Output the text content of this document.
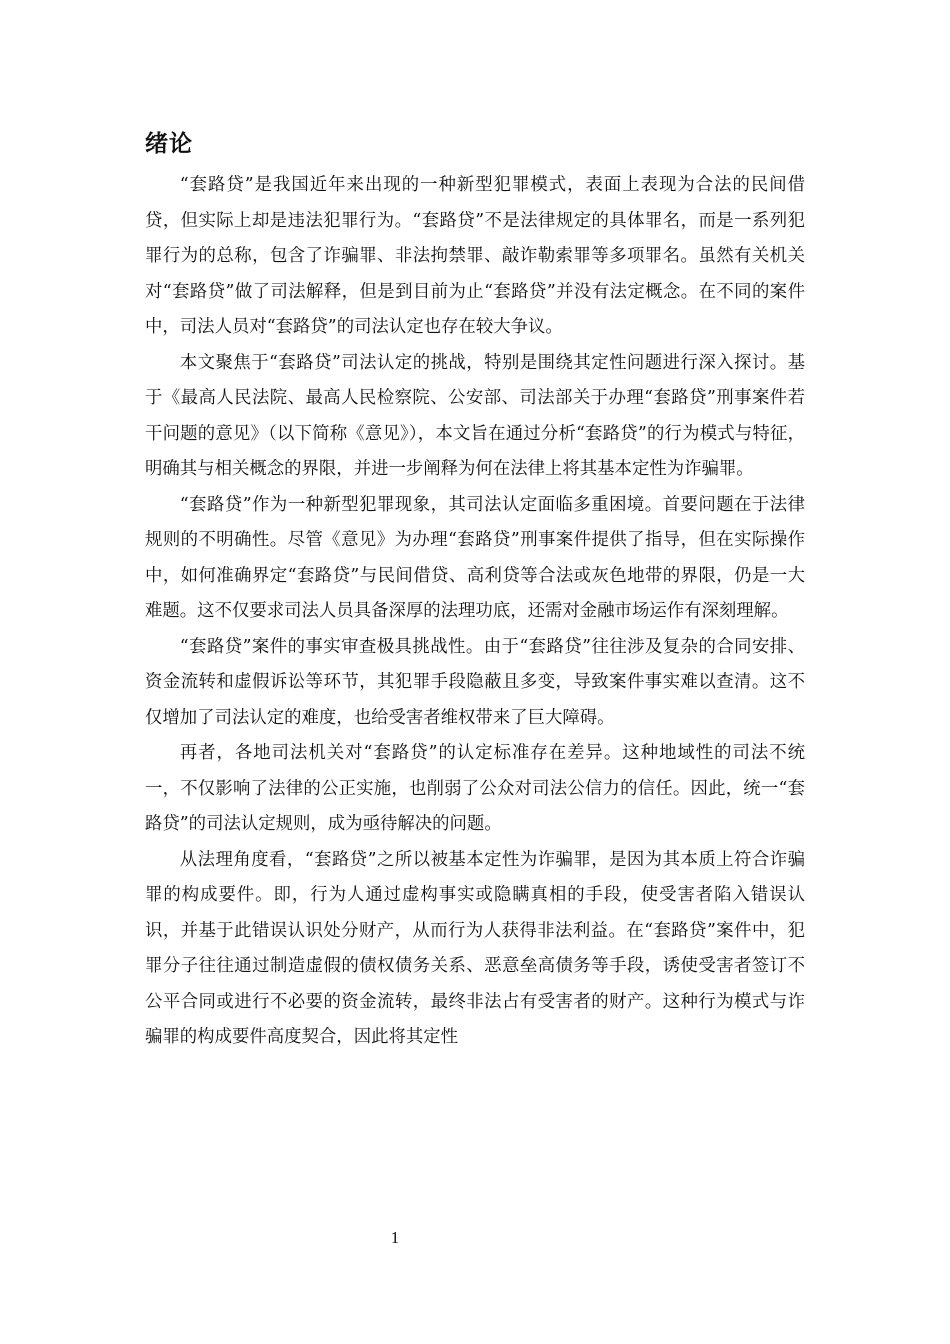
绪论

“套路贷”是我国近年来出现的一种新型犯罪模式，表面上表现为合法的民间借贷，但实际上却是违法犯罪行为。“套路贷”不是法律规定的具体罪名，而是一系列犯罪行为的总称，包含了诈骗罪、非法拘禁罪、敲诈勒索罪等多项罪名。虽然有关机关对“套路贷”做了司法解释，但是到目前为止“套路贷”并没有法定概念。在不同的案件中，司法人员对“套路贷”的司法认定也存在较大争议。

本文聚焦于“套路贷”司法认定的挑战，特别是围绕其定性问题进行深入探讨。基于《最高人民法院、最高人民检察院、公安部、司法部关于办理“套路贷”刑事案件若干问题的意见》（以下简称《意见》），本文旨在通过分析“套路贷”的行为模式与特征，明确其与相关概念的界限，并进一步阐释为何在法律上将其基本定性为诈骗罪。

“套路贷”作为一种新型犯罪现象，其司法认定面临多重困境。首要问题在于法律规则的不明确性。尽管《意见》为办理“套路贷”刑事案件提供了指导，但在实际操作中，如何准确界定“套路贷”与民间借贷、高利贷等合法或灰色地带的界限，仍是一大难题。这不仅要求司法人员具备深厚的法理功底，还需对金融市场运作有深刻理解。

“套路贷”案件的事实审查极具挑战性。由于“套路贷”往往涉及复杂的合同安排、资金流转和虚假诉讼等环节，其犯罪手段隐蔽且多变，导致案件事实难以查清。这不仅增加了司法认定的难度，也给受害者维权带来了巨大障碍。

再者，各地司法机关对“套路贷”的认定标准存在差异。这种地域性的司法不统一，不仅影响了法律的公正实施，也削弱了公众对司法公信力的信任。因此，统一“套路贷”的司法认定规则，成为亟待解决的问题。

从法理角度看，“套路贷”之所以被基本定性为诈骗罪，是因为其本质上符合诈骗罪的构成要件。即，行为人通过虚构事实或隐瞒真相的手段，使受害者陷入错误认识，并基于此错误认识处分财产，从而行为人获得非法利益。在“套路贷”案件中，犯罪分子往往通过制造虚假的债权债务关系、恶意垒高债务等手段，诱使受害者签订不公平合同或进行不必要的资金流转，最终非法占有受害者的财产。这种行为模式与诈骗罪的构成要件高度契合，因此将其定性

1
